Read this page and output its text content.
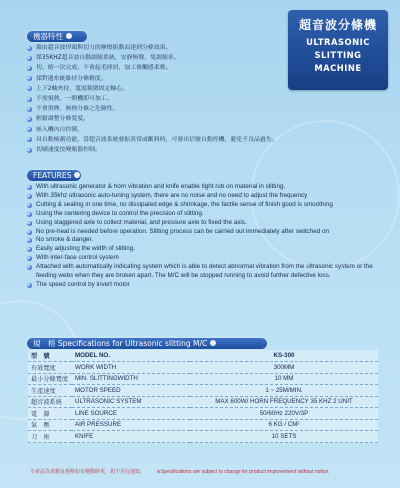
超音波分條機
ULTRASONIC
SLITTING
MACHINE
機器特性
藉由超音波焊頭與切刀的摩擦振動而達到分條效果。
採35KHZ超音波自動調頻系統，安靜無聲，免調頻率。
切、熔一次完成，不會起毛掉屑，加工後觸感柔軟。
採對邊糸統維持分條精度。
上下2軸夾持，寬度範圍固定軸心。
不需預熱，一開機即可加工。
不會黑煙，無熱分條之危險性。
輕鬆調整分條寬度。
嵌入機內自控制。
具自動檢測功能，當超音波系統發振異常或斷料時，可發出信號自動停機，避免不良品過失。
切刷速度按變頻器控制。
FEATURES
With ultrasonic generator & horn vibration and knife enable tight rub on material in slitting.
With 35khz ultrasonic auto-tuning system, there are no noise and no need to adjust the frequency
Cutting & sealing in one time, no dissipated edge & shrinkage, the factile sense of finish good is smoothing
Using the centering device to control the precision of slitting.
Using staggered axle to collect material, and pressure axle to fixed the axis.
No pre-heat is needed before operation. Slitting process can be carried out immediately after switched on
No smoke & danger.
Easily adjusting the width of slitting.
With inter-face control system
Attached with automatically indicating system which is able to detect abnormal vibration from the ultrasonic system or the feeding webs when they are broken apart. The M/C will be stopped running to avoid further defective loss.
The speed control by invert motor
規　格 Specifications for Ultrasonic slitting M/C
型　號	MODEL NO.	KS-300
有效寬度	WORK WIDTH	300MM
最小分條寬度	MIN. SLITTINGWIDTH	10 MM
生產速度	MOTOR SPEED	1 ~ 25M/MIN.
超音波系統	ULTRASONIC SYSTEM	MAX 600W/ HORN FREQUENCY 35 KHZ 2 UNIT
電　源	LINE SOURCE	50/60Hz 220V/3P
氣　壓	AIR PRESSURE	6 KG / CM²
刀　座	KNIFE	10 SETS
※產品為求精良規格如有變動時更，恕不另行通知。 ※Specifications are subject to change for product improvement without notice.
